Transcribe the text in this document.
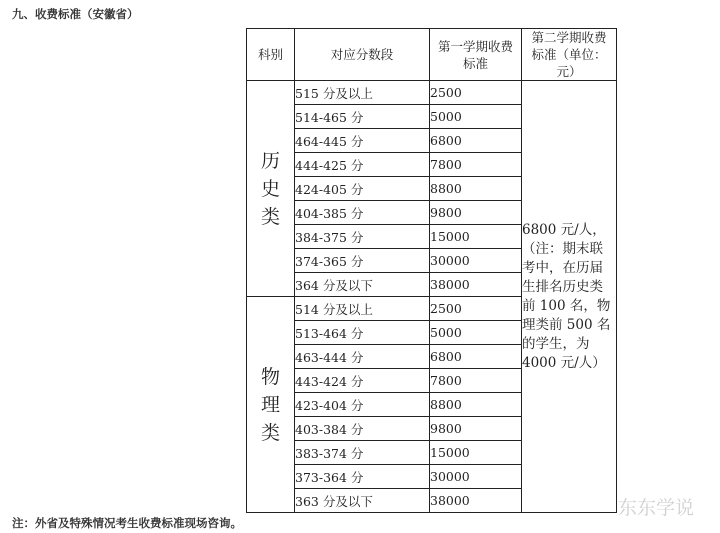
九、收费标准（安徽省）
科别	对应分数段	第一学期收费标准	第二学期收费标准（单位：元）

历史类	515 分及以上	2500	6800 元/人，（注：期末联考中，在历届生排名历史类前 100 名，物理类前 500 名的学生，为 4000 元/人）
	514-465 分	5000	
	464-445 分	6800	
	444-425 分	7800	
	424-405 分	8800	
	404-385 分	9800	
	384-375 分	15000	
	374-365 分	30000	
	364 分及以下	38000	
物理类	514 分及以上	2500	
	513-464 分	5000	
	463-444 分	6800	
	443-424 分	7800	
	423-404 分	8800	
	403-384 分	9800	
	383-374 分	15000	
	373-364 分	30000	
	363 分及以下	38000	
注：外省及特殊情况考生收费标准现场咨询。
东东学说
